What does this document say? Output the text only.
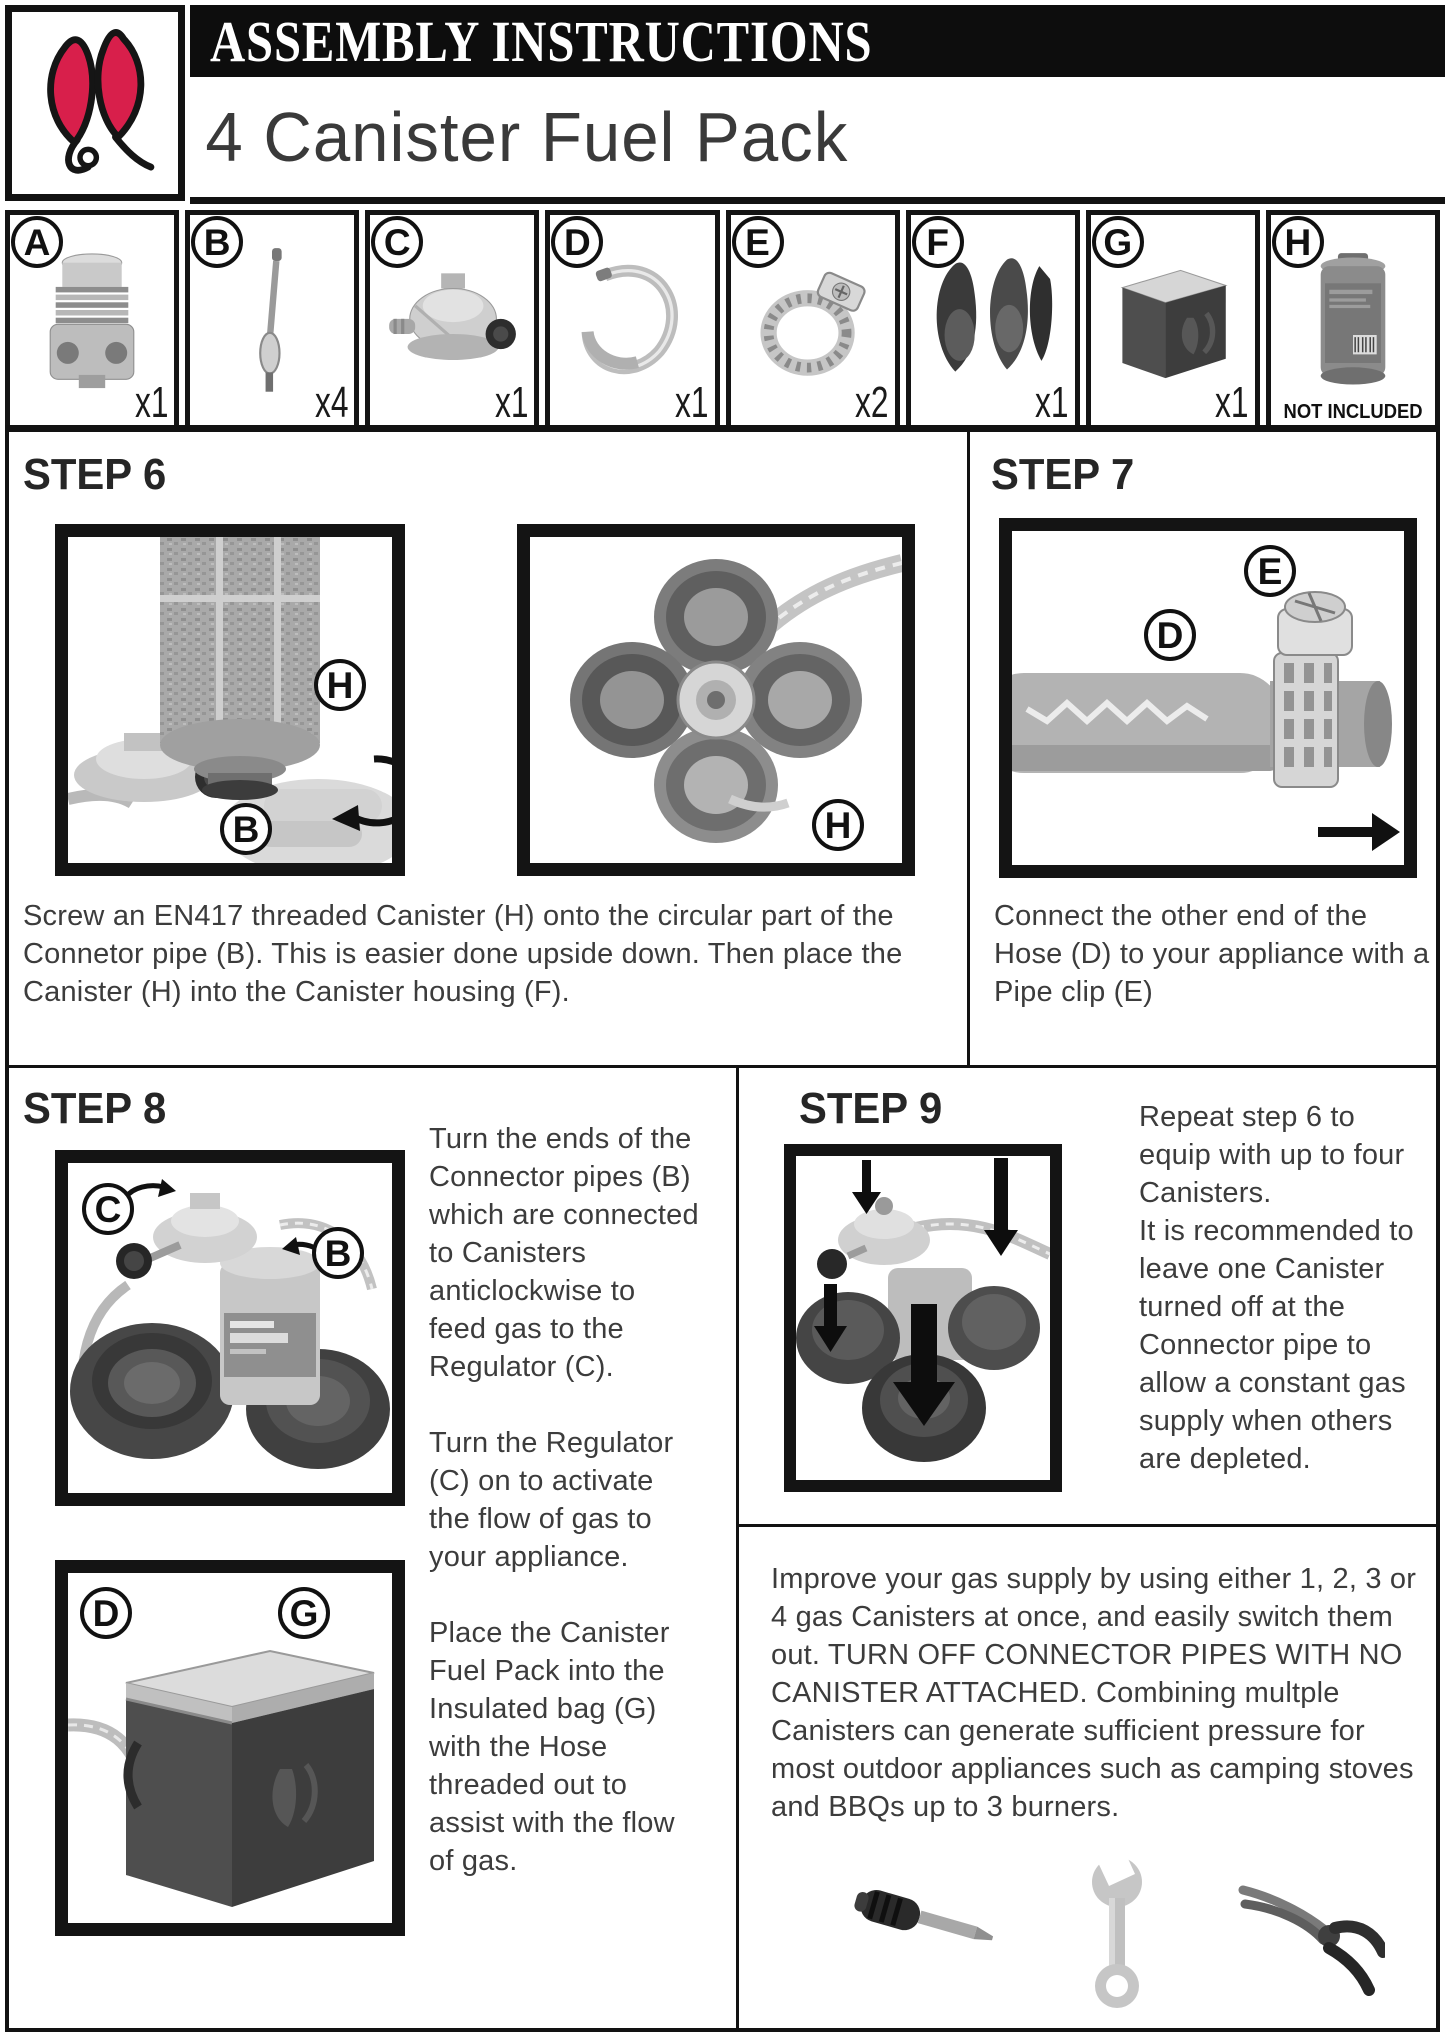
ASSEMBLY INSTRUCTIONS
4 Canister Fuel Pack
A
x1
B
x4
C
x1
D
x1
E
x2
F
x1
G
x1
H
NOT INCLUDED
STEP 6
H
B	H

Screw an EN417 threaded Canister (H) onto the circular part of the Connetor pipe (B). This is easier done upside down. Then place the Canister (H) into the Canister housing (F).

STEP 7
D
E

Connect the other end of the Hose (D) to your appliance with a Pipe clip (E)

STEP 8
C
B
D	G

Turn the ends of the Connector pipes (B) which are connected to Canisters anticlockwise to feed gas to the Regulator (C).

Turn the Regulator (C) on to activate the flow of gas to your appliance.

Place the Canister Fuel Pack into the Insulated bag (G) with the Hose threaded out to assist with the flow of gas.

STEP 9	Repeat step 6 to equip with up to four Canisters.

It is recommended to leave one Canister turned off at the Connector pipe to allow a constant gas supply when others are depleted.

Improve your gas supply by using either 1, 2, 3 or 4 gas Canisters at once, and easily switch them out. TURN OFF CONNECTOR PIPES WITH NO CANISTER ATTACHED. Combining multple Canisters can generate sufficient pressure for most outdoor appliances such as camping stoves and BBQs up to 3 burners.
